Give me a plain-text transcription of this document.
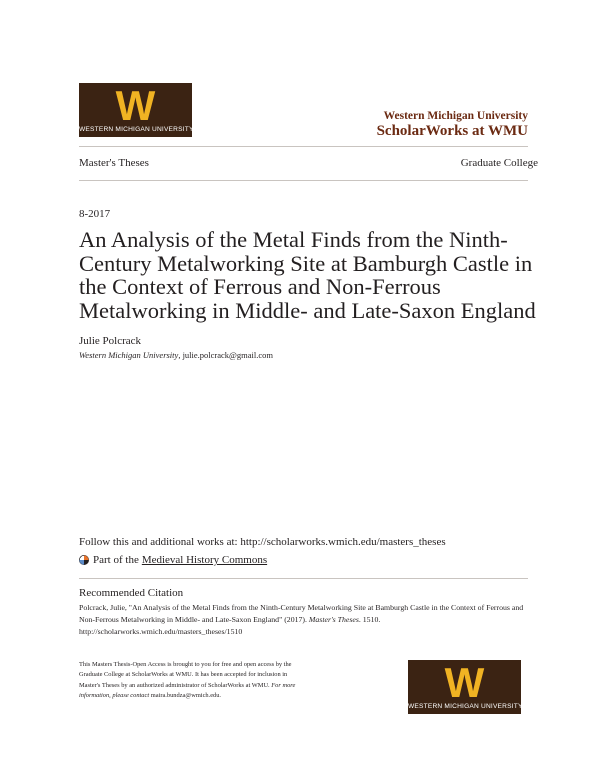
W
WESTERN MICHIGAN UNIVERSITY
Western Michigan University
ScholarWorks at WMU
Master's Theses	Graduate College
8-2017
An Analysis of the Metal Finds from the Ninth-Century Metalworking Site at Bamburgh Castle in the Context of Ferrous and Non-Ferrous Metalworking in Middle- and Late-Saxon England
Julie Polcrack
Western Michigan University, julie.polcrack@gmail.com
Follow this and additional works at: http://scholarworks.wmich.edu/masters_theses
Part of the Medieval History Commons
Recommended Citation
Polcrack, Julie, "An Analysis of the Metal Finds from the Ninth-Century Metalworking Site at Bamburgh Castle in the Context of Ferrous and Non-Ferrous Metalworking in Middle- and Late-Saxon England" (2017). Master's Theses. 1510.
http://scholarworks.wmich.edu/masters_theses/1510
This Masters Thesis-Open Access is brought to you for free and open access by the Graduate College at ScholarWorks at WMU. It has been accepted for inclusion in Master's Theses by an authorized administrator of ScholarWorks at WMU. For more information, please contact maira.bundza@wmich.edu.	W
WESTERN MICHIGAN UNIVERSITY
